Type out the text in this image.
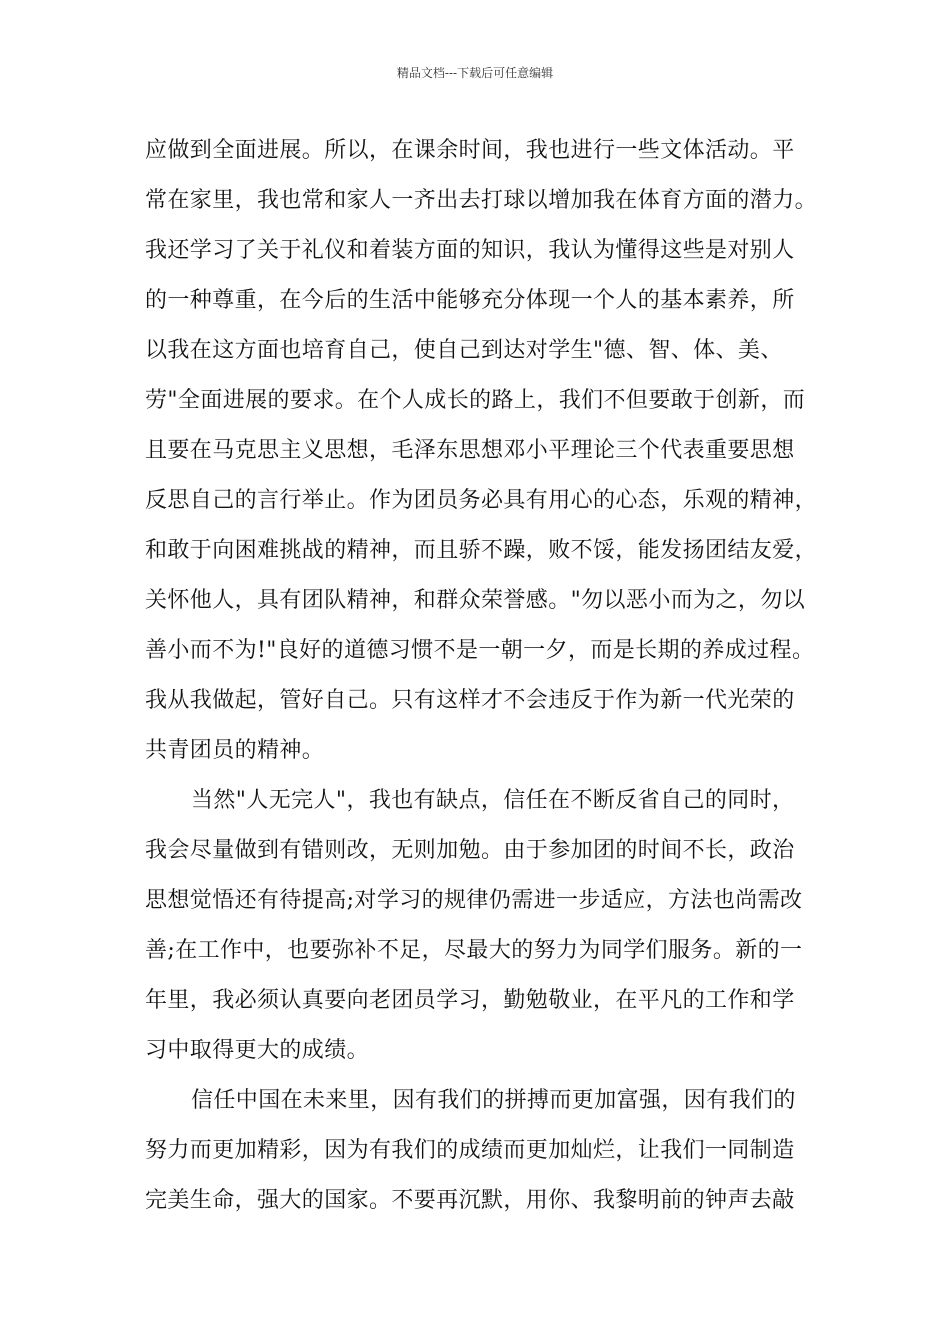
精品文档---下载后可任意编辑
应做到全面进展。所以，在课余时间，我也进行一些文体活动。平
常在家里，我也常和家人一齐出去打球以增加我在体育方面的潜力。
我还学习了关于礼仪和着装方面的知识，我认为懂得这些是对别人
的一种尊重，在今后的生活中能够充分体现一个人的基本素养，所
以我在这方面也培育自己，使自己到达对学生"德、智、体、美、
劳"全面进展的要求。在个人成长的路上，我们不但要敢于创新，而
且要在马克思主义思想，毛泽东思想邓小平理论三个代表重要思想
反思自己的言行举止。作为团员务必具有用心的心态，乐观的精神，
和敢于向困难挑战的精神，而且骄不躁，败不馁，能发扬团结友爱，
关怀他人，具有团队精神，和群众荣誉感。"勿以恶小而为之，勿以
善小而不为!"良好的道德习惯不是一朝一夕，而是长期的养成过程。
我从我做起，管好自己。只有这样才不会违反于作为新一代光荣的
共青团员的精神。
当然"人无完人"，我也有缺点，信任在不断反省自己的同时，
我会尽量做到有错则改，无则加勉。由于参加团的时间不长，政治
思想觉悟还有待提高;对学习的规律仍需进一步适应，方法也尚需改
善;在工作中，也要弥补不足，尽最大的努力为同学们服务。新的一
年里，我必须认真要向老团员学习，勤勉敬业，在平凡的工作和学
习中取得更大的成绩。
信任中国在未来里，因有我们的拼搏而更加富强，因有我们的
努力而更加精彩，因为有我们的成绩而更加灿烂，让我们一同制造
完美生命，强大的国家。不要再沉默，用你、我黎明前的钟声去敲
